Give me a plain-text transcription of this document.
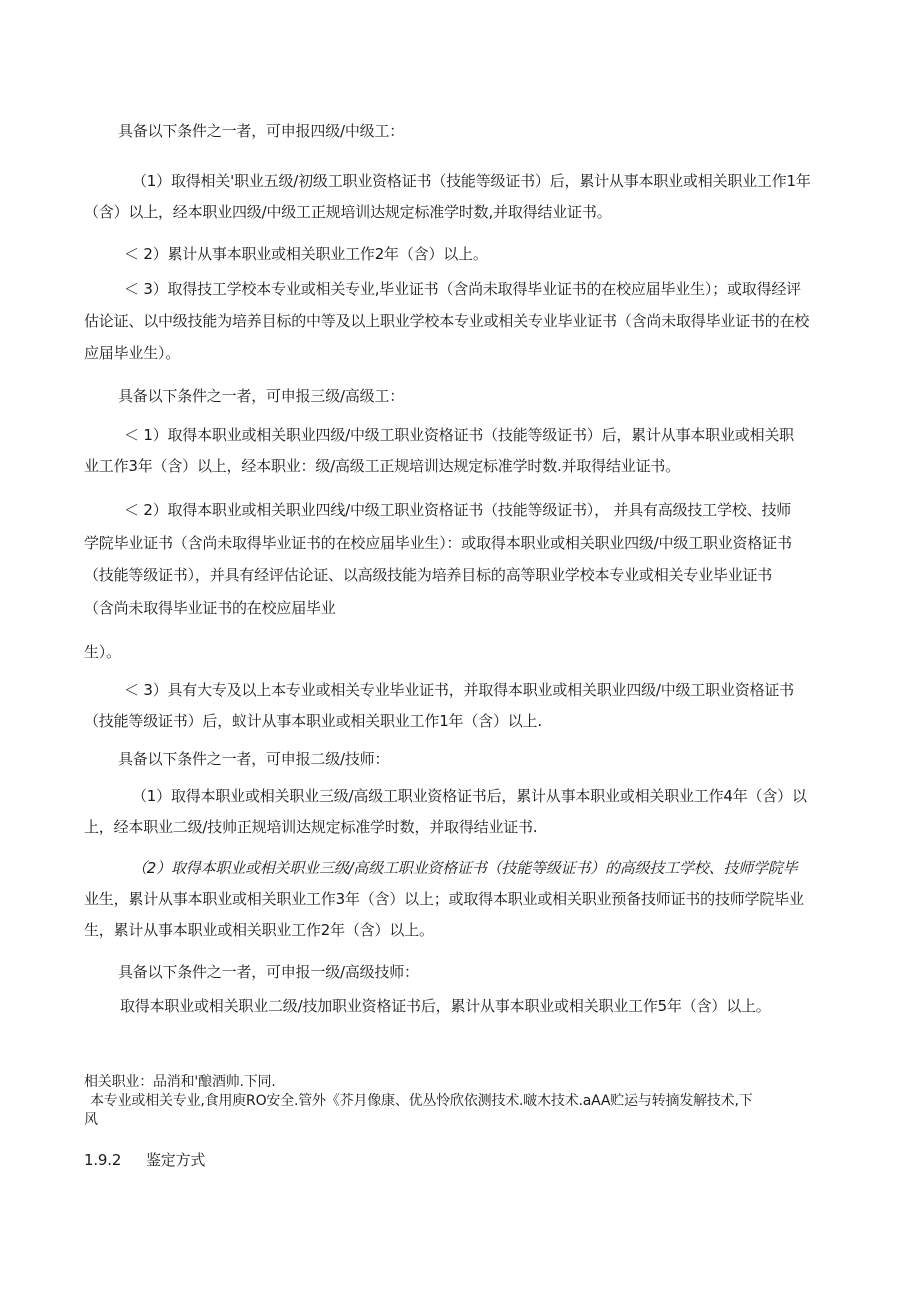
具备以下条件之一者，可申报四级/中级工：
（1）取得相关'职业五级/初级工职业资格证书（技能等级证书）后，累计从事本职业或相关职业工作1年
（含）以上，经本职业四级/中级工正规培训达规定标准学时数,并取得结业证书。
＜ 2）累计从事本职业或相关职业工作2年（含）以上。
＜ 3）取得技工学校本专业或相关专业,毕业证书（含尚未取得毕业证书的在校应届毕业生）；或取得经评
估论证、以中级技能为培养目标的中等及以上职业学校本专业或相关专业毕业证书（含尚未取得毕业证书的在校
应届毕业生）。
具备以下条件之一者，可申报三级/高级工：
＜ 1）取得本职业或相关职业四级/中级工职业资格证书（技能等级证书）后，累计从事本职业或相关职
业工作3年（含）以上，经本职业：级/高级工正规培训达规定标准学时数.并取得结业证书。
＜ 2）取得本职业或相关职业四线/中级工职业资格证书（技能等级证书）， 并具有高级技工学校、技师
学院毕业证书（含尚未取得毕业证书的在校应届毕业生）：或取得本职业或相关职业四级/中级工职业资格证书
（技能等级证书），并具有经评估论证、以高级技能为培养目标的高等职业学校本专业或相关专业毕业证书
（含尚未取得毕业证书的在校应届毕业
生）。
＜ 3）具有大专及以上本专业或相关专业毕业证书，并取得本职业或相关职业四级/中级工职业资格证书
（技能等级证书）后，蚁计从事本职业或相关职业工作1年（含）以上.
具备以下条件之一者，可申报二级/技师：
（1）取得本职业或相关职业三级/高级工职业资格证书后，累计从事本职业或相关职业工作4年（含）以
上，经本职业二级/技帅正规培训达规定标准学时数，并取得结业证书.
（2）取得本职业或相关职业三级/高级工职业资格证书（技能等级证书）的高级技工学校、技师学院毕
业生，累计从事本职业或相关职业工作3年（含）以上；或取得本职业或相关职业预备技师证书的技师学院毕业
生，累计从事本职业或相关职业工作2年（含）以上。
具备以下条件之一者，可申报一级/高级技师：
取得本职业或相关职业二级/技加职业资格证书后，累计从事本职业或相关职业工作5年（含）以上。
相关职业：品消和'酿酒帅.下同.
本专业或相关专业,食用庾RO安全.管外《芥月像康、优丛怜欣依测技术.啵木技术.aAA贮运与转摘发解技术,下
风
1.9.2 鉴定方式
